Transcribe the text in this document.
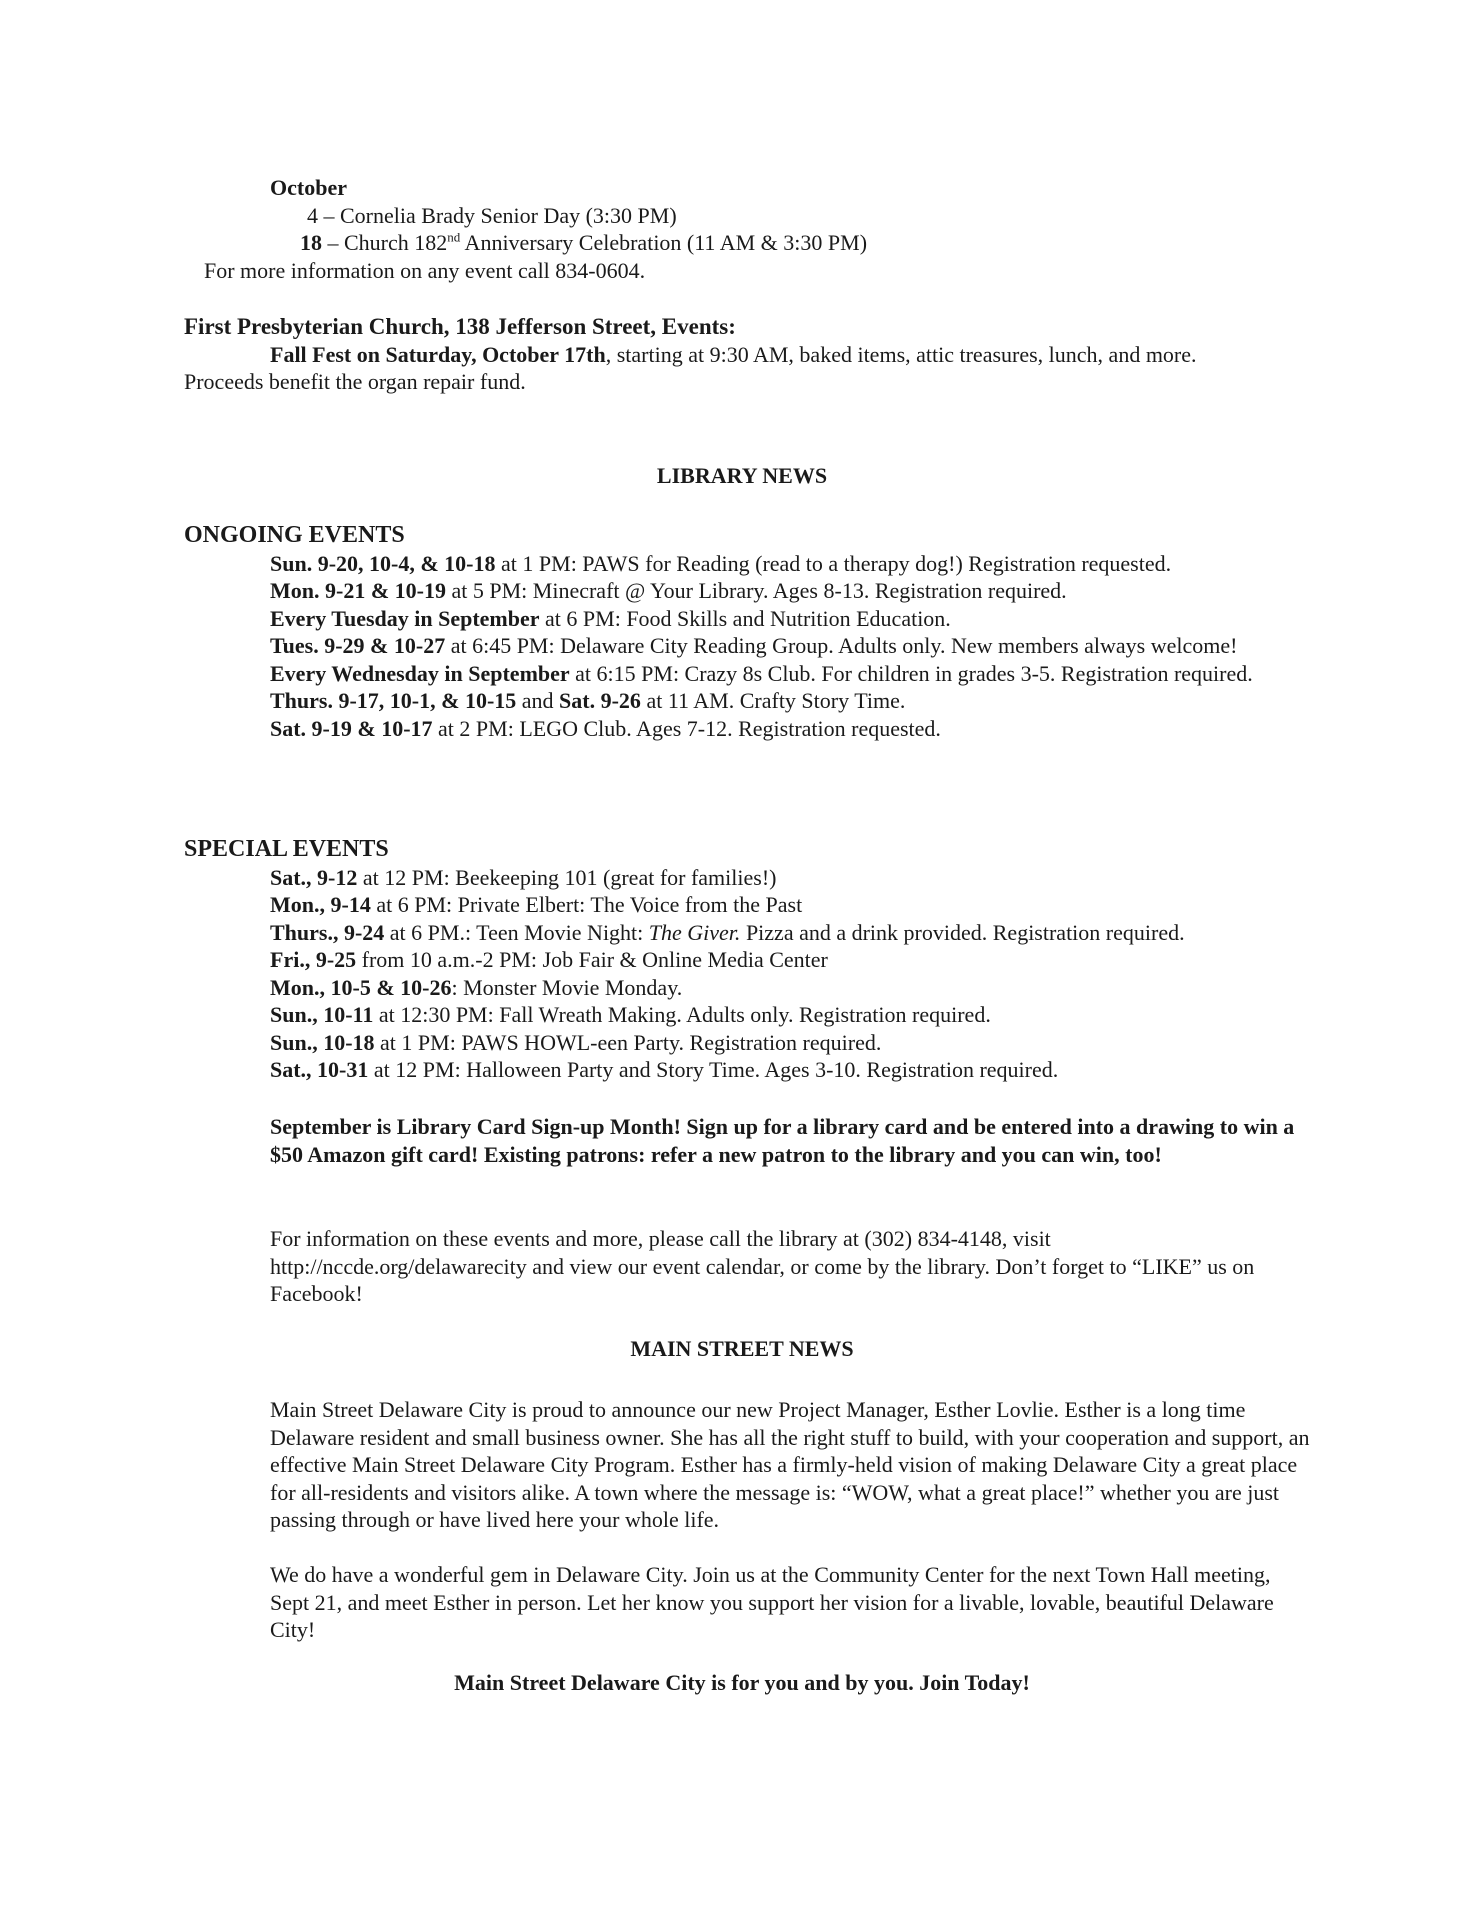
October
4 – Cornelia Brady Senior Day (3:30 PM)
18 – Church 182nd Anniversary Celebration (11 AM & 3:30 PM)
For more information on any event call 834-0604.
First Presbyterian Church, 138 Jefferson Street, Events:
Fall Fest on Saturday, October 17th, starting at 9:30 AM, baked items, attic treasures, lunch, and more.
Proceeds benefit the organ repair fund.
LIBRARY NEWS
ONGOING EVENTS
Sun. 9-20, 10-4, & 10-18 at 1 PM: PAWS for Reading (read to a therapy dog!) Registration requested.
Mon. 9-21 & 10-19 at 5 PM: Minecraft @ Your Library. Ages 8-13. Registration required.
Every Tuesday in September at 6 PM: Food Skills and Nutrition Education.
Tues. 9-29 & 10-27 at 6:45 PM: Delaware City Reading Group. Adults only. New members always welcome!
Every Wednesday in September at 6:15 PM: Crazy 8s Club. For children in grades 3-5. Registration required.
Thurs. 9-17, 10-1, & 10-15 and Sat. 9-26 at 11 AM. Crafty Story Time.
Sat. 9-19 & 10-17 at 2 PM: LEGO Club. Ages 7-12. Registration requested.
SPECIAL EVENTS
Sat., 9-12 at 12 PM: Beekeeping 101 (great for families!)
Mon., 9-14 at 6 PM: Private Elbert: The Voice from the Past
Thurs., 9-24 at 6 PM.: Teen Movie Night: The Giver. Pizza and a drink provided. Registration required.
Fri., 9-25 from 10 a.m.-2 PM: Job Fair & Online Media Center
Mon., 10-5 & 10-26: Monster Movie Monday.
Sun., 10-11 at 12:30 PM: Fall Wreath Making. Adults only. Registration required.
Sun., 10-18 at 1 PM: PAWS HOWL-een Party. Registration required.
Sat., 10-31 at 12 PM: Halloween Party and Story Time. Ages 3-10. Registration required.
September is Library Card Sign-up Month! Sign up for a library card and be entered into a drawing to win a $50 Amazon gift card! Existing patrons: refer a new patron to the library and you can win, too!
For information on these events and more, please call the library at (302) 834-4148, visit http://nccde.org/delawarecity and view our event calendar, or come by the library. Don’t forget to “LIKE” us on Facebook!
MAIN STREET NEWS
Main Street Delaware City is proud to announce our new Project Manager, Esther Lovlie. Esther is a long time Delaware resident and small business owner. She has all the right stuff to build, with your cooperation and support, an effective Main Street Delaware City Program. Esther has a firmly-held vision of making Delaware City a great place for all-residents and visitors alike. A town where the message is: “WOW, what a great place!” whether you are just passing through or have lived here your whole life.
We do have a wonderful gem in Delaware City. Join us at the Community Center for the next Town Hall meeting, Sept 21, and meet Esther in person. Let her know you support her vision for a livable, lovable, beautiful Delaware City!
Main Street Delaware City is for you and by you. Join Today!
